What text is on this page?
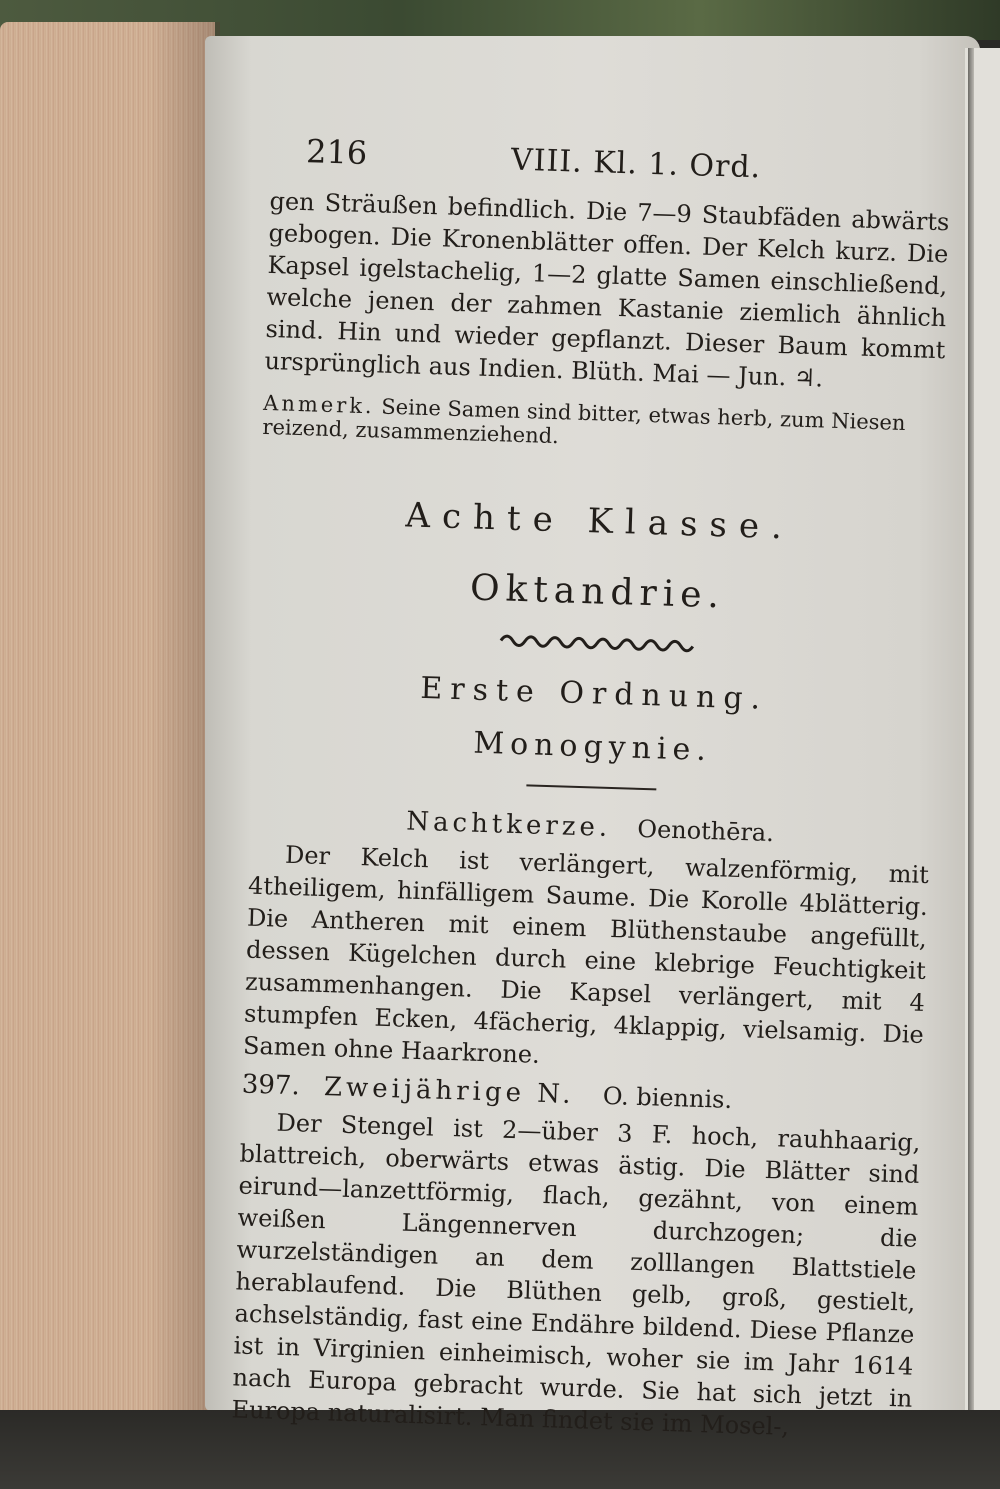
216	VIII. Kl. 1. Ord.

gen Sträußen befindlich. Die 7—9 Staubfäden abwärts gebogen. Die Kronenblätter offen. Der Kelch kurz. Die Kapsel igelstachelig, 1—2 glatte Samen einschließend, welche jenen der zahmen Kastanie ziemlich ähnlich sind. Hin und wieder gepflanzt. Dieser Baum kommt ursprünglich aus Indien. Blüth. Mai — Jun. ♃.

Anmerk. Seine Samen sind bitter, etwas herb, zum Niesen reizend, zusammenziehend.

Achte Klasse.
Oktandrie.
Erste Ordnung.
Monogynie.
Nachtkerze. Oenothēra.

Der Kelch ist verlängert, walzenförmig, mit 4theiligem, hinfälligem Saume. Die Korolle 4blätterig. Die Antheren mit einem Blüthenstaube angefüllt, dessen Kügelchen durch eine klebrige Feuchtigkeit zusammenhangen. Die Kapsel verlängert, mit 4 stumpfen Ecken, 4fächerig, 4klappig, vielsamig. Die Samen ohne Haarkrone.

397. Zweijährige N. O. biennis.

Der Stengel ist 2—über 3 F. hoch, rauhhaarig, blattreich, oberwärts etwas ästig. Die Blätter sind eirund—lanzettförmig, flach, gezähnt, von einem weißen Längennerven durchzogen; die wurzelständigen an dem zolllangen Blattstiele herablaufend. Die Blüthen gelb, groß, gestielt, achselständig, fast eine Endähre bildend. Diese Pflanze ist in Virginien einheimisch, woher sie im Jahr 1614 nach Europa gebracht wurde. Sie hat sich jetzt in Europa naturalisirt. Man findet sie im Mosel-,
